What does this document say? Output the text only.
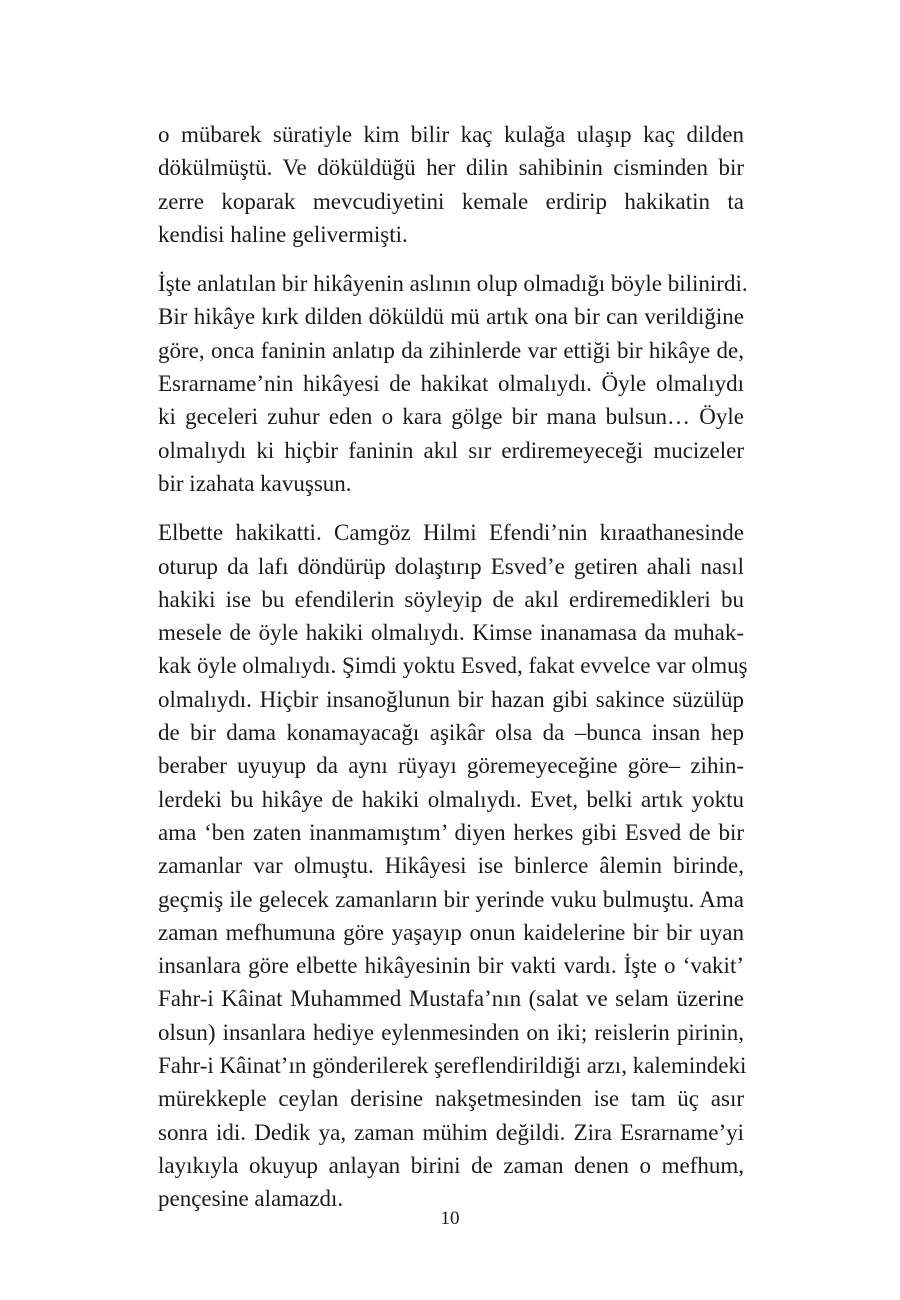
o mübarek süratiyle kim bilir kaç kulağa ulaşıp kaç dilden
dökülmüştü. Ve döküldüğü her dilin sahibinin cisminden bir
zerre koparak mevcudiyetini kemale erdirip hakikatin ta
kendisi haline gelivermişti.

İşte anlatılan bir hikâyenin aslının olup olmadığı böyle bilinirdi.
Bir hikâye kırk dilden döküldü mü artık ona bir can verildiğine
göre, onca faninin anlatıp da zihinlerde var ettiği bir hikâye de,
Esrarname’nin hikâyesi de hakikat olmalıydı. Öyle olmalıydı
ki geceleri zuhur eden o kara gölge bir mana bulsun… Öyle
olmalıydı ki hiçbir faninin akıl sır erdiremeyeceği mucizeler
bir izahata kavuşsun.

Elbette hakikatti. Camgöz Hilmi Efendi’nin kıraathanesinde
oturup da lafı döndürüp dolaştırıp Esved’e getiren ahali nasıl
hakiki ise bu efendilerin söyleyip de akıl erdiremedikleri bu
mesele de öyle hakiki olmalıydı. Kimse inanamasa da muhak-
kak öyle olmalıydı. Şimdi yoktu Esved, fakat evvelce var olmuş
olmalıydı. Hiçbir insanoğlunun bir hazan gibi sakince süzülüp
de bir dama konamayacağı aşikâr olsa da –bunca insan hep
beraber uyuyup da aynı rüyayı göremeyeceğine göre– zihin-
lerdeki bu hikâye de hakiki olmalıydı. Evet, belki artık yoktu
ama ‘ben zaten inanmamıştım’ diyen herkes gibi Esved de bir
zamanlar var olmuştu. Hikâyesi ise binlerce âlemin birinde,
geçmiş ile gelecek zamanların bir yerinde vuku bulmuştu. Ama
zaman mefhumuna göre yaşayıp onun kaidelerine bir bir uyan
insanlara göre elbette hikâyesinin bir vakti vardı. İşte o ‘vakit’
Fahr-i Kâinat Muhammed Mustafa’nın (salat ve selam üzerine
olsun) insanlara hediye eylenmesinden on iki; reislerin pirinin,
Fahr-i Kâinat’ın gönderilerek şereflendirildiği arzı, kalemindeki
mürekkeple ceylan derisine nakşetmesinden ise tam üç asır
sonra idi. Dedik ya, zaman mühim değildi. Zira Esrarname’yi
layıkıyla okuyup anlayan birini de zaman denen o mefhum,
pençesine alamazdı.

10
